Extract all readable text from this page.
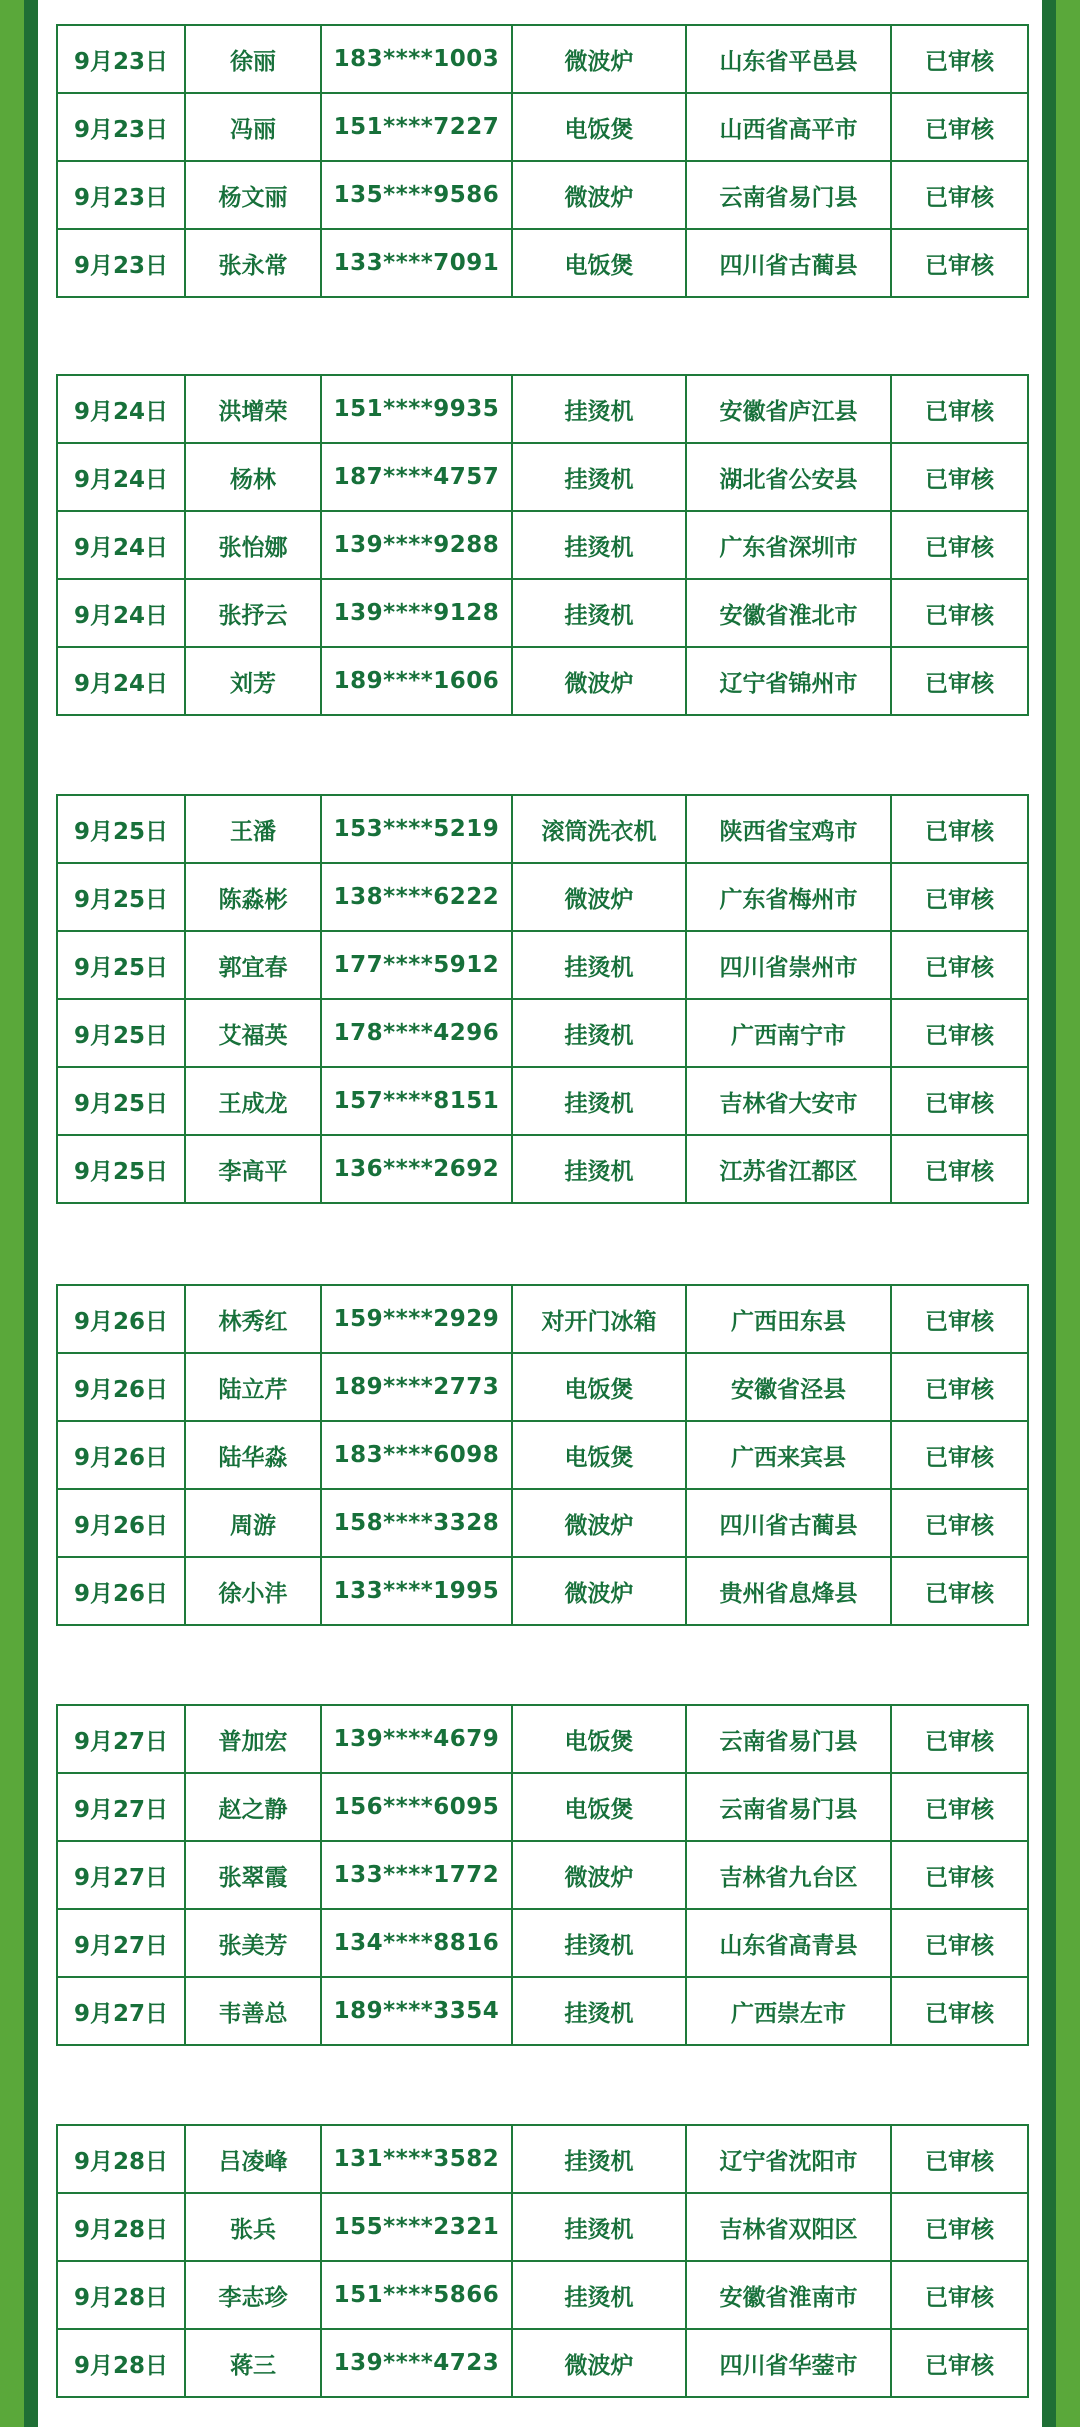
9月23日	徐丽	183****1003	微波炉	山东省平邑县	已审核
9月23日	冯丽	151****7227	电饭煲	山西省高平市	已审核
9月23日	杨文丽	135****9586	微波炉	云南省易门县	已审核
9月23日	张永常	133****7091	电饭煲	四川省古蔺县	已审核
9月24日	洪增荣	151****9935	挂烫机	安徽省庐江县	已审核
9月24日	杨林	187****4757	挂烫机	湖北省公安县	已审核
9月24日	张怡娜	139****9288	挂烫机	广东省深圳市	已审核
9月24日	张抒云	139****9128	挂烫机	安徽省淮北市	已审核
9月24日	刘芳	189****1606	微波炉	辽宁省锦州市	已审核
9月25日	王潘	153****5219	滚筒洗衣机	陕西省宝鸡市	已审核
9月25日	陈淼彬	138****6222	微波炉	广东省梅州市	已审核
9月25日	郭宜春	177****5912	挂烫机	四川省崇州市	已审核
9月25日	艾福英	178****4296	挂烫机	广西南宁市	已审核
9月25日	王成龙	157****8151	挂烫机	吉林省大安市	已审核
9月25日	李高平	136****2692	挂烫机	江苏省江都区	已审核
9月26日	林秀红	159****2929	对开门冰箱	广西田东县	已审核
9月26日	陆立芹	189****2773	电饭煲	安徽省泾县	已审核
9月26日	陆华淼	183****6098	电饭煲	广西来宾县	已审核
9月26日	周游	158****3328	微波炉	四川省古蔺县	已审核
9月26日	徐小沣	133****1995	微波炉	贵州省息烽县	已审核
9月27日	普加宏	139****4679	电饭煲	云南省易门县	已审核
9月27日	赵之静	156****6095	电饭煲	云南省易门县	已审核
9月27日	张翠霞	133****1772	微波炉	吉林省九台区	已审核
9月27日	张美芳	134****8816	挂烫机	山东省高青县	已审核
9月27日	韦善总	189****3354	挂烫机	广西崇左市	已审核
9月28日	吕凌峰	131****3582	挂烫机	辽宁省沈阳市	已审核
9月28日	张兵	155****2321	挂烫机	吉林省双阳区	已审核
9月28日	李志珍	151****5866	挂烫机	安徽省淮南市	已审核
9月28日	蒋三	139****4723	微波炉	四川省华蓥市	已审核
